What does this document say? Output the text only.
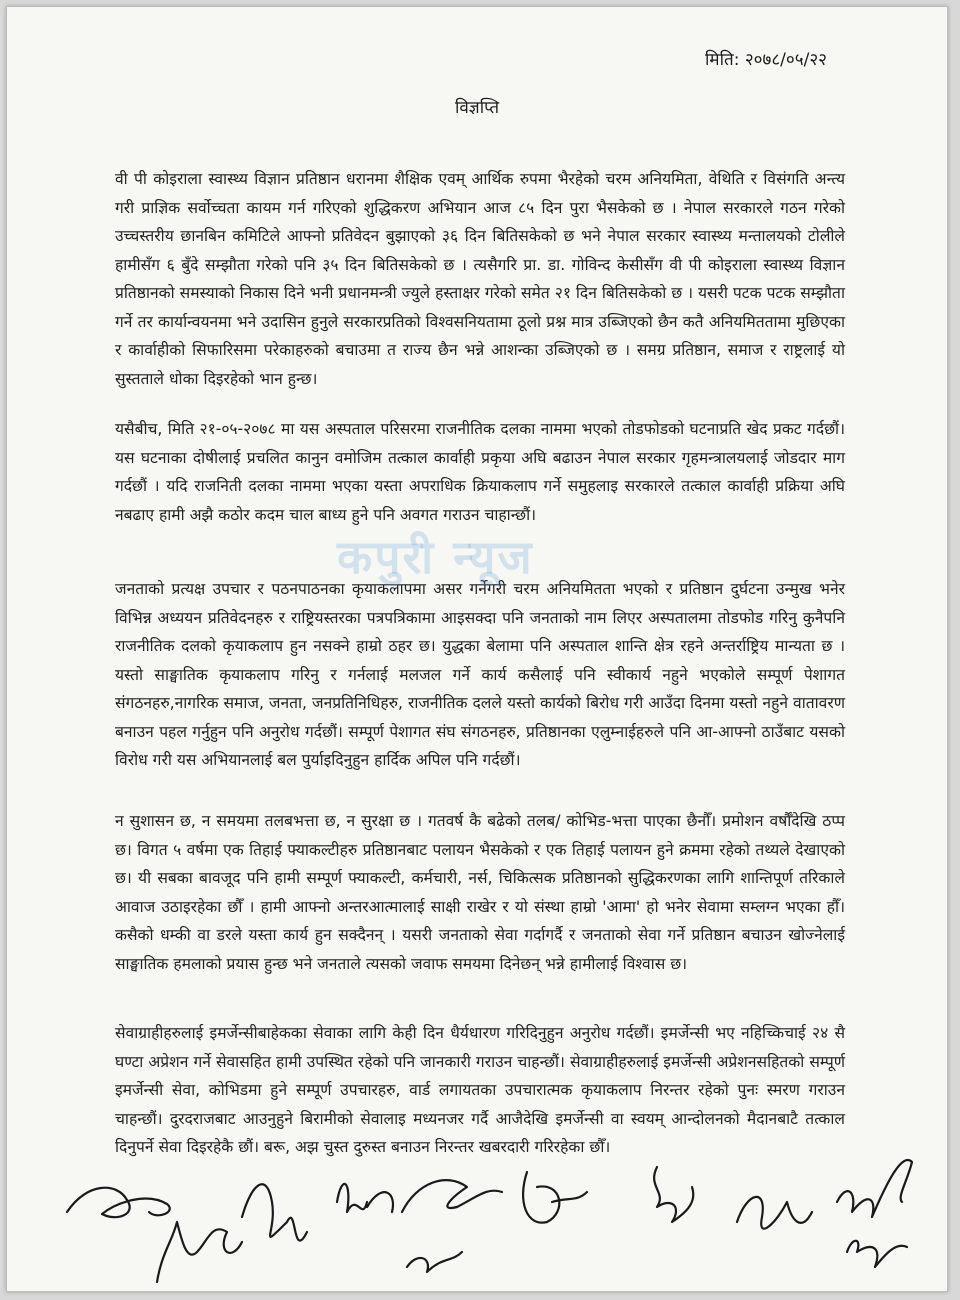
मिति: २०७८/०५/२२
विज्ञप्ति
वी पी कोइराला स्वास्थ्य विज्ञान प्रतिष्ठान धरानमा शैक्षिक एवम् आर्थिक रुपमा भैरहेको चरम अनियमिता, वेथिति र विसंगति अन्त्य गरी प्राज्ञिक सर्वोच्चता कायम गर्न गरिएको शुद्धिकरण अभियान आज ८५ दिन पुरा भैसकेको छ । नेपाल सरकारले गठन गरेको उच्चस्तरीय छानबिन कमिटिले आफ्नो प्रतिवेदन बुझाएको ३६ दिन बितिसकेको छ भने नेपाल सरकार स्वास्थ्य मन्तालयको टोलीले हामीसँग ६ बुँदे सम्झौता गरेको पनि ३५ दिन बितिसकेको छ । त्यसैगरि प्रा. डा. गोविन्द केसीसँग वी पी कोइराला स्वास्थ्य विज्ञान प्रतिष्ठानको समस्याको निकास दिने भनी प्रधानमन्त्री ज्युले हस्ताक्षर गरेको समेत २१ दिन बितिसकेको छ । यसरी पटक पटक सम्झौता गर्ने तर कार्यान्वयनमा भने उदासिन हुनुले सरकारप्रतिको विश्वसनियतामा ठूलो प्रश्न मात्र उब्जिएको छैन कतै अनियमिततामा मुछिएका र कार्वाहीको सिफारिसमा परेकाहरुको बचाउमा त राज्य छैन भन्ने आशन्का उब्जिएको छ । समग्र प्रतिष्ठान, समाज र राष्ट्रलाई यो सुस्तताले धोका दिइरहेको भान हुन्छ।
यसैबीच, मिति २१-०५-२०७८ मा यस अस्पताल परिसरमा राजनीतिक दलका नाममा भएको तोडफोडको घटनाप्रति खेद प्रकट गर्दछौं। यस घटनाका दोषीलाई प्रचलित कानुन वमोजिम तत्काल कार्वाही प्रकृया अघि बढाउन नेपाल सरकार गृहमन्त्रालयलाई जोडदार माग गर्दछौं । यदि राजनिती दलका नाममा भएका यस्ता अपराधिक क्रियाकलाप गर्ने समुहलाइ सरकारले तत्काल कार्वाही प्रक्रिया अघि नबढाए हामी अझै कठोर कदम चाल बाध्य हुने पनि अवगत गराउन चाहान्छौं।
जनताको प्रत्यक्ष उपचार र पठनपाठनका कृयाकलापमा असर गर्नेगरी चरम अनियमितता भएको र प्रतिष्ठान दुर्घटना उन्मुख भनेर विभिन्न अध्ययन प्रतिवेदनहरु र राष्ट्रियस्तरका पत्रपत्रिकामा आइसक्दा पनि जनताको नाम लिएर अस्पतालमा तोडफोड गरिनु कुनैपनि राजनीतिक दलको कृयाकलाप हुन नसक्ने हाम्रो ठहर छ। युद्धका बेलामा पनि अस्पताल शान्ति क्षेत्र रहने अन्तर्राष्ट्रिय मान्यता छ । यस्तो साङ्घातिक कृयाकलाप गरिनु र गर्नलाई मलजल गर्ने कार्य कसैलाई पनि स्वीकार्य नहुने भएकोले सम्पूर्ण पेशागत संगठनहरु,नागरिक समाज, जनता, जनप्रतिनिधिहरु, राजनीतिक दलले यस्तो कार्यको बिरोध गरी आउँदा दिनमा यस्तो नहुने वातावरण बनाउन पहल गर्नुहुन पनि अनुरोध गर्दछौं। सम्पूर्ण पेशागत संघ संगठनहरु, प्रतिष्ठानका एलुम्नाईहरुले पनि आ-आफ्नो ठाउँबाट यसको विरोध गरी यस अभियानलाई बल पुर्याइदिनुहुन हार्दिक अपिल पनि गर्दछौं।
न सुशासन छ, न समयमा तलबभत्ता छ, न सुरक्षा छ । गतवर्ष कै बढेको तलब/ कोभिड-भत्ता पाएका छैनौँ। प्रमोशन वर्षौँदेखि ठप्प छ। विगत ५ वर्षमा एक तिहाई फ्याकल्टीहरु प्रतिष्ठानबाट पलायन भैसकेको र एक तिहाई पलायन हुने क्रममा रहेको तथ्यले देखाएको छ। यी सबका बावजूद पनि हामी सम्पूर्ण फ्याकल्टी, कर्मचारी, नर्स, चिकित्सक प्रतिष्ठानको सुद्धिकरणका लागि शान्तिपूर्ण तरिकाले आवाज उठाइरहेका छौँ । हामी आफ्नो अन्तरआत्मालाई साक्षी राखेर र यो संस्था हाम्रो 'आमा' हो भनेर सेवामा सम्लग्न भएका हौँ। कसैको धम्की वा डरले यस्ता कार्य हुन सक्दैनन् । यसरी जनताको सेवा गर्दागर्दै र जनताको सेवा गर्ने प्रतिष्ठान बचाउन खोज्नेलाई साङ्घातिक हमलाको प्रयास हुन्छ भने जनताले त्यसको जवाफ समयमा दिनेछन् भन्ने हामीलाई विश्वास छ।
सेवाग्राहीहरुलाई इमर्जेन्सीबाहेकका सेवाका लागि केही दिन धैर्यधारण गरिदिनुहुन अनुरोध गर्दछौं। इमर्जेन्सी भए नहिच्किचाई २४ सै घण्टा अप्रेशन गर्ने सेवासहित हामी उपस्थित रहेको पनि जानकारी गराउन चाहन्छौं। सेवाग्राहीहरुलाई इमर्जेन्सी अप्रेशनसहितको सम्पूर्ण इमर्जेन्सी सेवा, कोभिडमा हुने सम्पूर्ण उपचारहरु, वार्ड लगायतका उपचारात्मक कृयाकलाप निरन्तर रहेको पुनः स्मरण गराउन चाहन्छौं। दुरदराजबाट आउनुहुने बिरामीको सेवालाइ मध्यनजर गर्दै आजैदेखि इमर्जेन्सी वा स्वयम् आन्दोलनको मैदानबाटै तत्काल दिनुपर्ने सेवा दिइरहेकै छौं। बरू, अझ चुस्त दुरुस्त बनाउन निरन्तर खबरदारी गरिरहेका छौँ।
कपुरी न्यूज
